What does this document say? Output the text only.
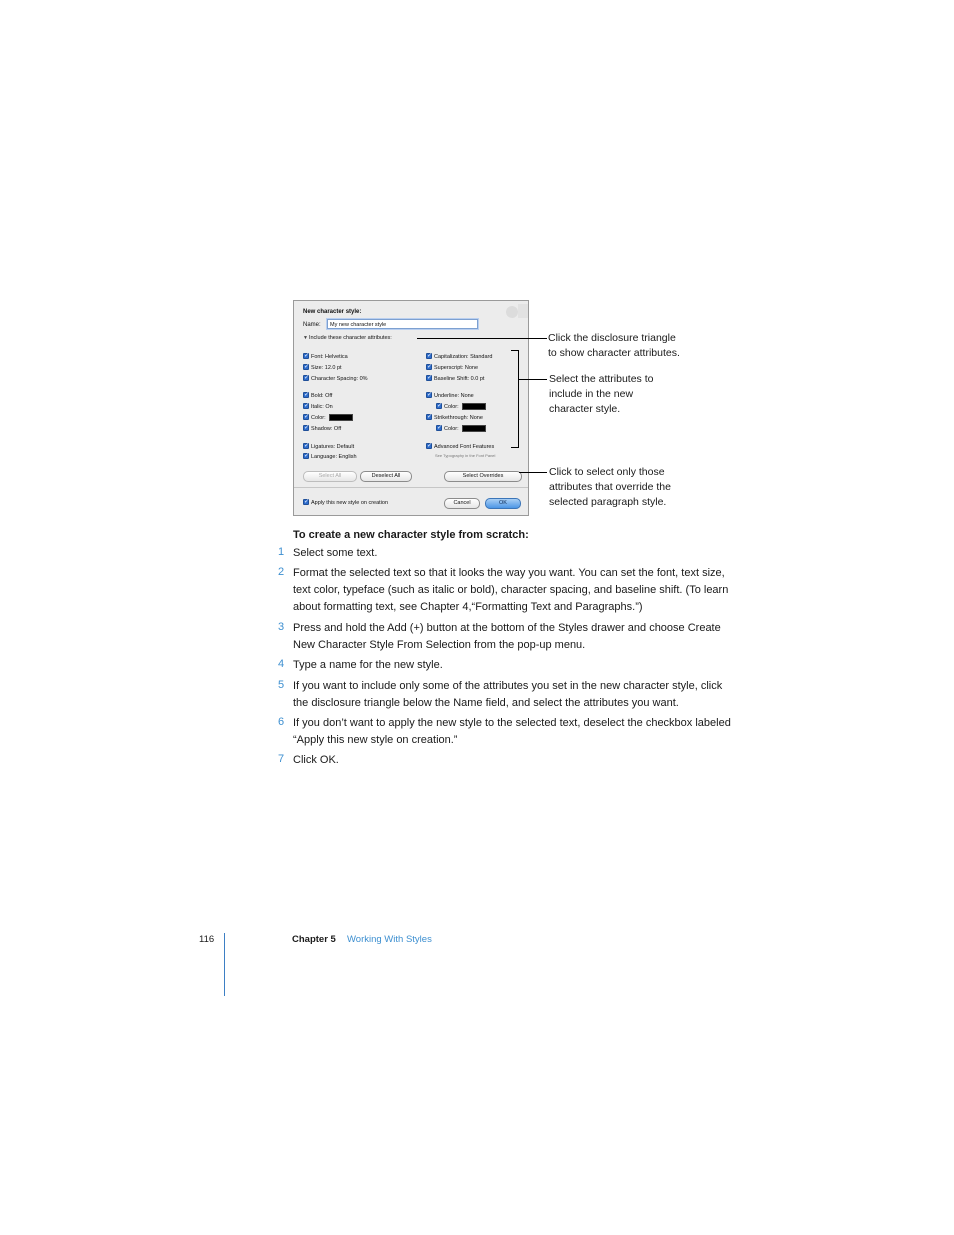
New character style:
Name:	My new character style
▼Include these character attributes:
✓Font: Helvetica
✓Size: 12.0 pt
✓Character Spacing: 0%
✓Bold: Off
✓Italic: On
✓Color:
✓Shadow: Off
✓Ligatures: Default
✓Language: English
✓Capitalization: Standard
✓Superscript: None
✓Baseline Shift: 0.0 pt
✓Underline: None
✓Color:
✓Strikethrough: None
✓Color:
✓Advanced Font Features
See Typography in the Font Panel
Select All	Deselect All	Select Overrides
✓Apply this new style on creation	Cancel	OK
Click the disclosure triangle
to show character attributes.
Select the attributes to
include in the new
character style.
Click to select only those
attributes that override the
selected paragraph style.
To create a new character style from scratch:
1 Select some text.
2 Format the selected text so that it looks the way you want. You can set the font, text size, text color, typeface (such as italic or bold), character spacing, and baseline shift. (To learn about formatting text, see Chapter 4,“Formatting Text and Paragraphs.”)
3 Press and hold the Add (+) button at the bottom of the Styles drawer and choose Create New Character Style From Selection from the pop-up menu.
4 Type a name for the new style.
5 If you want to include only some of the attributes you set in the new character style, click the disclosure triangle below the Name field, and select the attributes you want.
6 If you don’t want to apply the new style to the selected text, deselect the checkbox labeled “Apply this new style on creation.”
7 Click OK.
116	Chapter 5 Working With Styles
